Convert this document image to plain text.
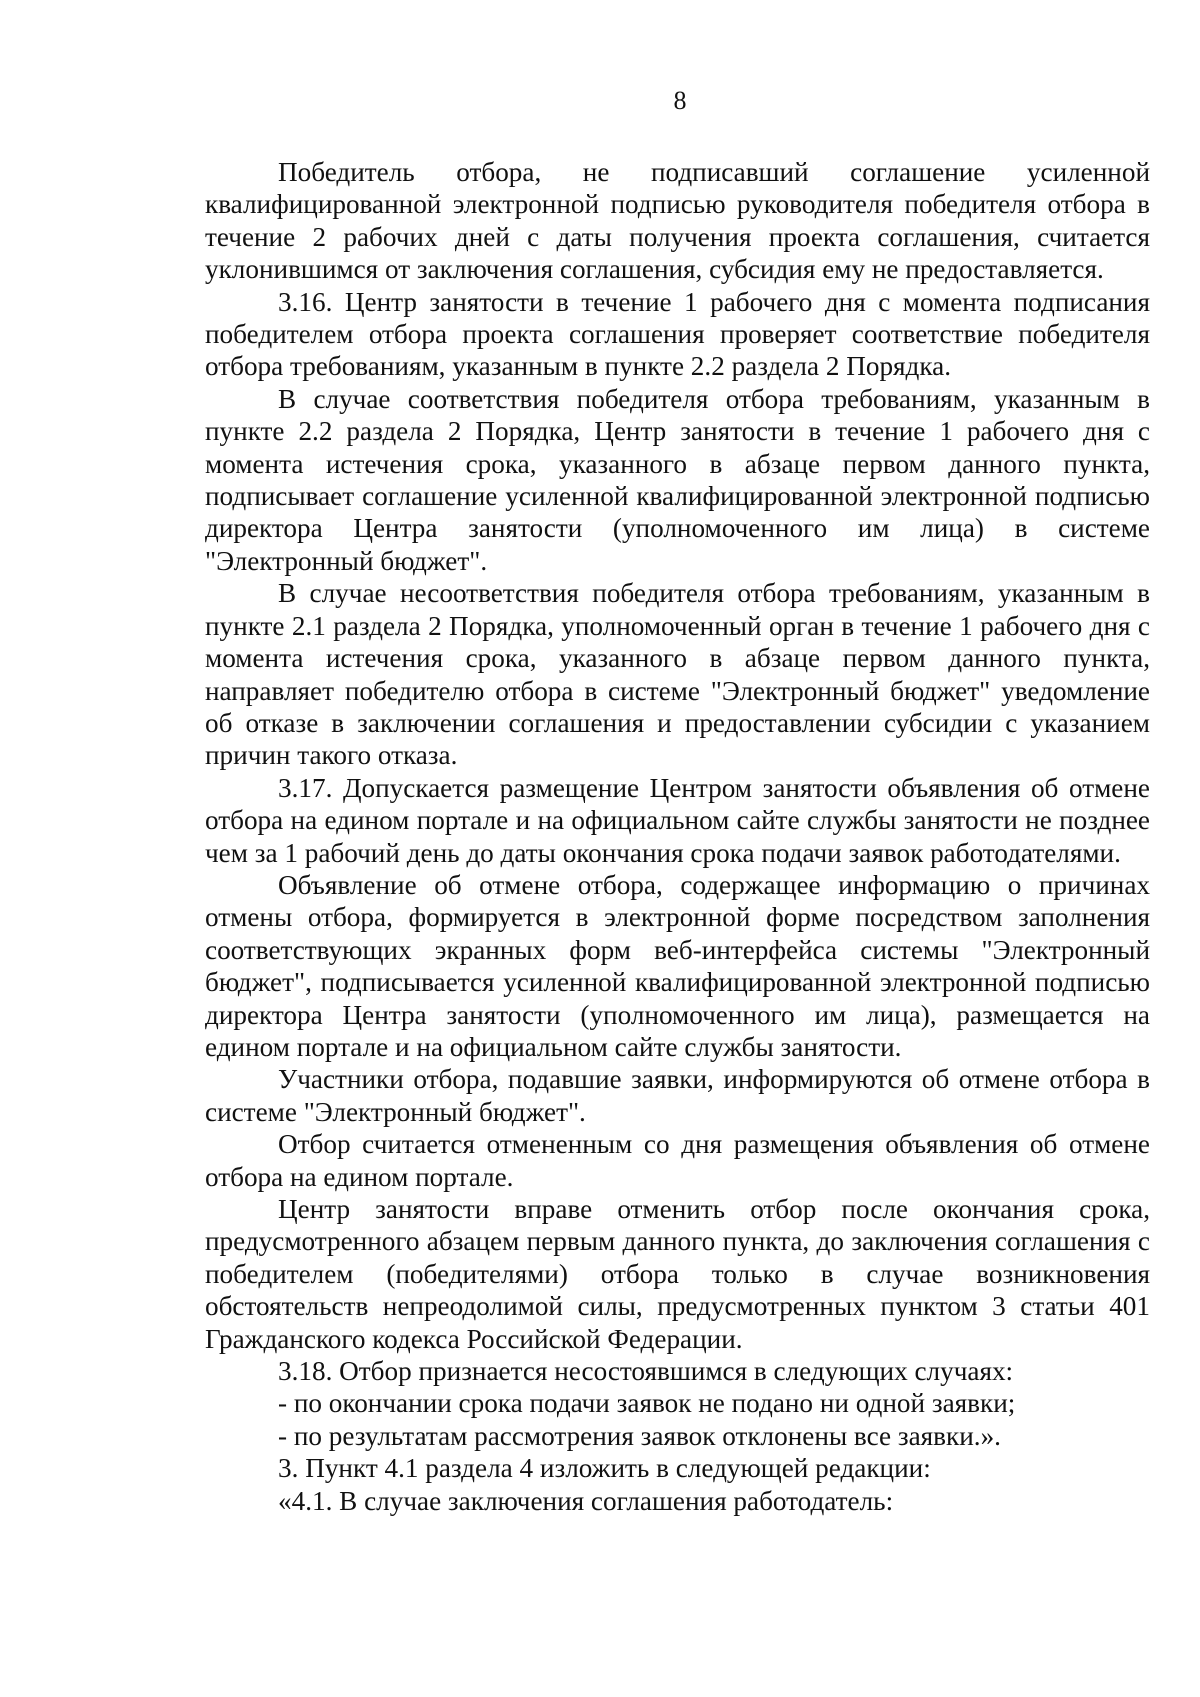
8

Победитель отбора, не подписавший соглашение усиленной квалифицированной электронной подписью руководителя победителя отбора в течение 2 рабочих дней с даты получения проекта соглашения, считается уклонившимся от заключения соглашения, субсидия ему не предоставляется.

3.16. Центр занятости в течение 1 рабочего дня с момента подписания победителем отбора проекта соглашения проверяет соответствие победителя отбора требованиям, указанным в пункте 2.2 раздела 2 Порядка.

В случае соответствия победителя отбора требованиям, указанным в пункте 2.2 раздела 2 Порядка, Центр занятости в течение 1 рабочего дня с момента истечения срока, указанного в абзаце первом данного пункта, подписывает соглашение усиленной квалифицированной электронной подписью директора Центра занятости (уполномоченного им лица) в системе "Электронный бюджет".

В случае несоответствия победителя отбора требованиям, указанным в пункте 2.1 раздела 2 Порядка, уполномоченный орган в течение 1 рабочего дня с момента истечения срока, указанного в абзаце первом данного пункта, направляет победителю отбора в системе "Электронный бюджет" уведомление об отказе в заключении соглашения и предоставлении субсидии с указанием причин такого отказа.

3.17. Допускается размещение Центром занятости объявления об отмене отбора на едином портале и на официальном сайте службы занятости не позднее чем за 1 рабочий день до даты окончания срока подачи заявок работодателями.

Объявление об отмене отбора, содержащее информацию о причинах отмены отбора, формируется в электронной форме посредством заполнения соответствующих экранных форм веб-интерфейса системы "Электронный бюджет", подписывается усиленной квалифицированной электронной подписью директора Центра занятости (уполномоченного им лица), размещается на едином портале и на официальном сайте службы занятости.

Участники отбора, подавшие заявки, информируются об отмене отбора в системе "Электронный бюджет".

Отбор считается отмененным со дня размещения объявления об отмене отбора на едином портале.

Центр занятости вправе отменить отбор после окончания срока, предусмотренного абзацем первым данного пункта, до заключения соглашения с победителем (победителями) отбора только в случае возникновения обстоятельств непреодолимой силы, предусмотренных пунктом 3 статьи 401 Гражданского кодекса Российской Федерации.

3.18. Отбор признается несостоявшимся в следующих случаях:

- по окончании срока подачи заявок не подано ни одной заявки;

- по результатам рассмотрения заявок отклонены все заявки.».

3. Пункт 4.1 раздела 4 изложить в следующей редакции:

«4.1. В случае заключения соглашения работодатель:
